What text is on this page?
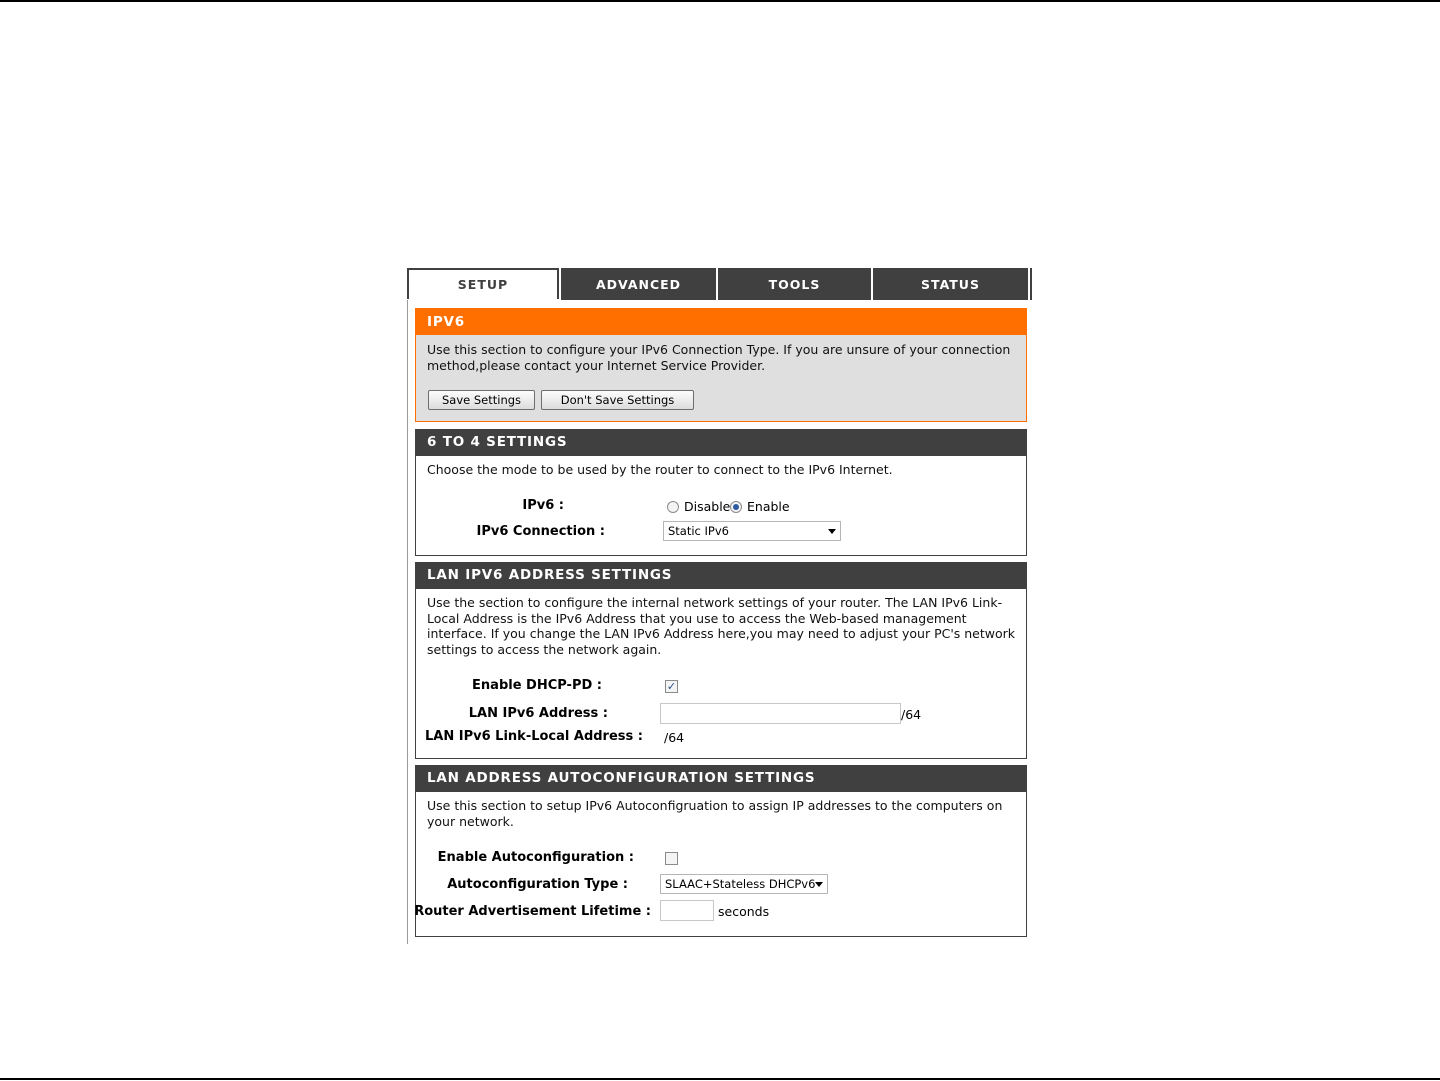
SETUP	ADVANCED	TOOLS	STATUS
IPV6

Use this section to configure your IPv6 Connection Type. If you are unsure of your connection method,please contact your Internet Service Provider.

Save Settings	Don't Save Settings
6 TO 4 SETTINGS

Choose the mode to be used by the router to connect to the IPv6 Internet.

IPv6 :	Disable Enable
IPv6 Connection :	Static IPv6
LAN IPV6 ADDRESS SETTINGS

Use the section to configure the internal network settings of your router. The LAN IPv6 Link-Local Address is the IPv6 Address that you use to access the Web-based management interface. If you change the LAN IPv6 Address here,you may need to adjust your PC's network settings to access the network again.

Enable DHCP-PD :	✓
LAN IPv6 Address :	/64
LAN IPv6 Link-Local Address : /64
LAN ADDRESS AUTOCONFIGURATION SETTINGS

Use this section to setup IPv6 Autoconfigruation to assign IP addresses to the computers on your network.

Enable Autoconfiguration :
Autoconfiguration Type :	SLAAC+Stateless DHCPv6
Router Advertisement Lifetime :	seconds
